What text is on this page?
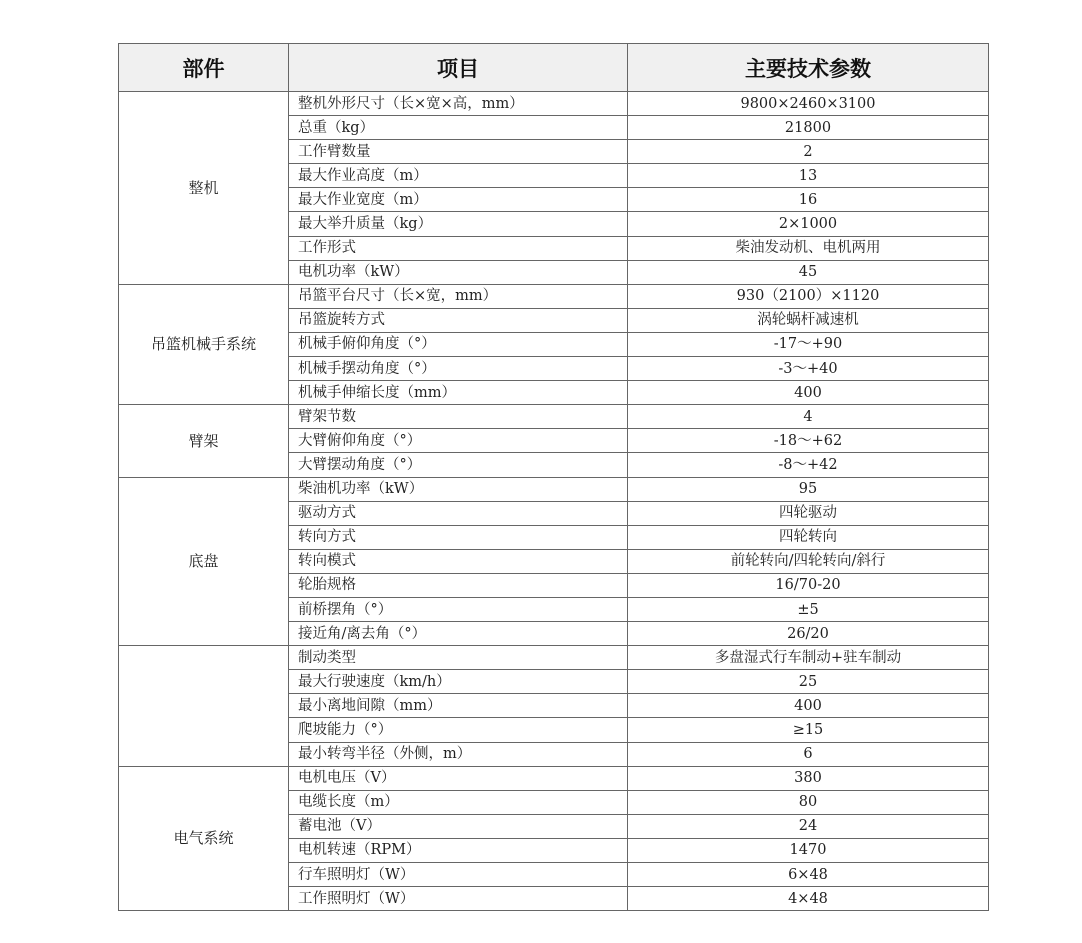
部件	项目	主要技术参数
整机	整机外形尺寸（长×宽×高，mm）	9800×2460×3100
	总重（kg）	21800
	工作臂数量	2
	最大作业高度（m）	13
	最大作业宽度（m）	16
	最大举升质量（kg）	2×1000
	工作形式	柴油发动机、电机两用
	电机功率（kW）	45
吊篮机械手系统	吊篮平台尺寸（长×宽，mm）	930（2100）×1120
	吊篮旋转方式	涡轮蜗杆减速机
	机械手俯仰角度（°）	-17～+90
	机械手摆动角度（°）	-3～+40
	机械手伸缩长度（mm）	400
臂架	臂架节数	4
	大臂俯仰角度（°）	-18～+62
	大臂摆动角度（°）	-8～+42
底盘	柴油机功率（kW）	95
	驱动方式	四轮驱动
	转向方式	四轮转向
	转向模式	前轮转向/四轮转向/斜行
	轮胎规格	16/70-20
	前桥摆角（°）	±5
	接近角/离去角（°）	26/20
	制动类型	多盘湿式行车制动+驻车制动
	最大行驶速度（km/h）	25
	最小离地间隙（mm）	400
	爬坡能力（°）	≥15
	最小转弯半径（外侧，m）	6
电气系统	电机电压（V）	380
	电缆长度（m）	80
	蓄电池（V）	24
	电机转速（RPM）	1470
	行车照明灯（W）	6×48
	工作照明灯（W）	4×48
